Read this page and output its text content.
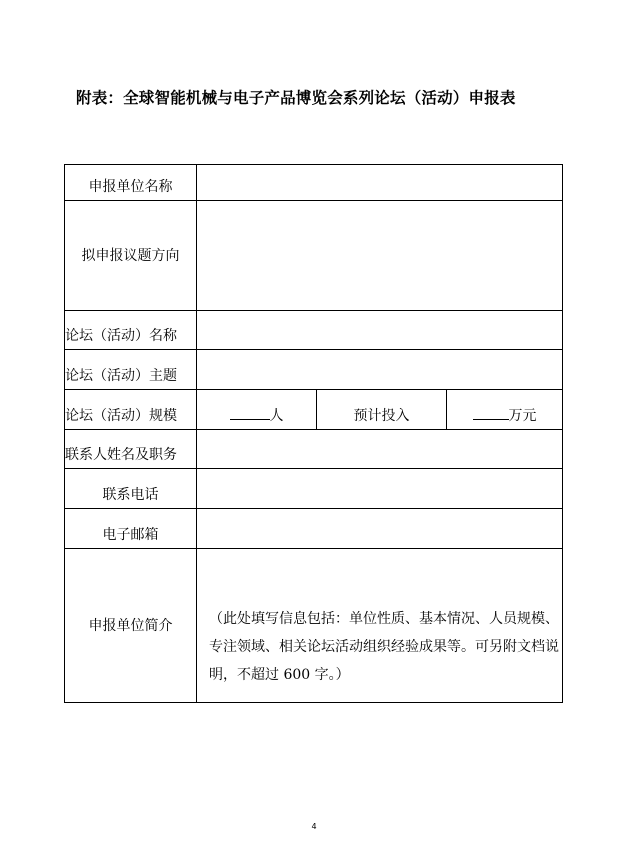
附表：全球智能机械与电子产品博览会系列论坛（活动）申报表
申报单位名称			

拟申报议题方向			

论坛（活动）名称			

论坛（活动）主题			

论坛（活动）规模	人	预计投入	万元

联系人姓名及职务			

联系电话			

电子邮箱			

申报单位简介	（此处填写信息包括：单位性质、基本情况、人员规模、专注领域、相关论坛活动组织经验成果等。可另附文档说明，不超过 600 字。）		
4
